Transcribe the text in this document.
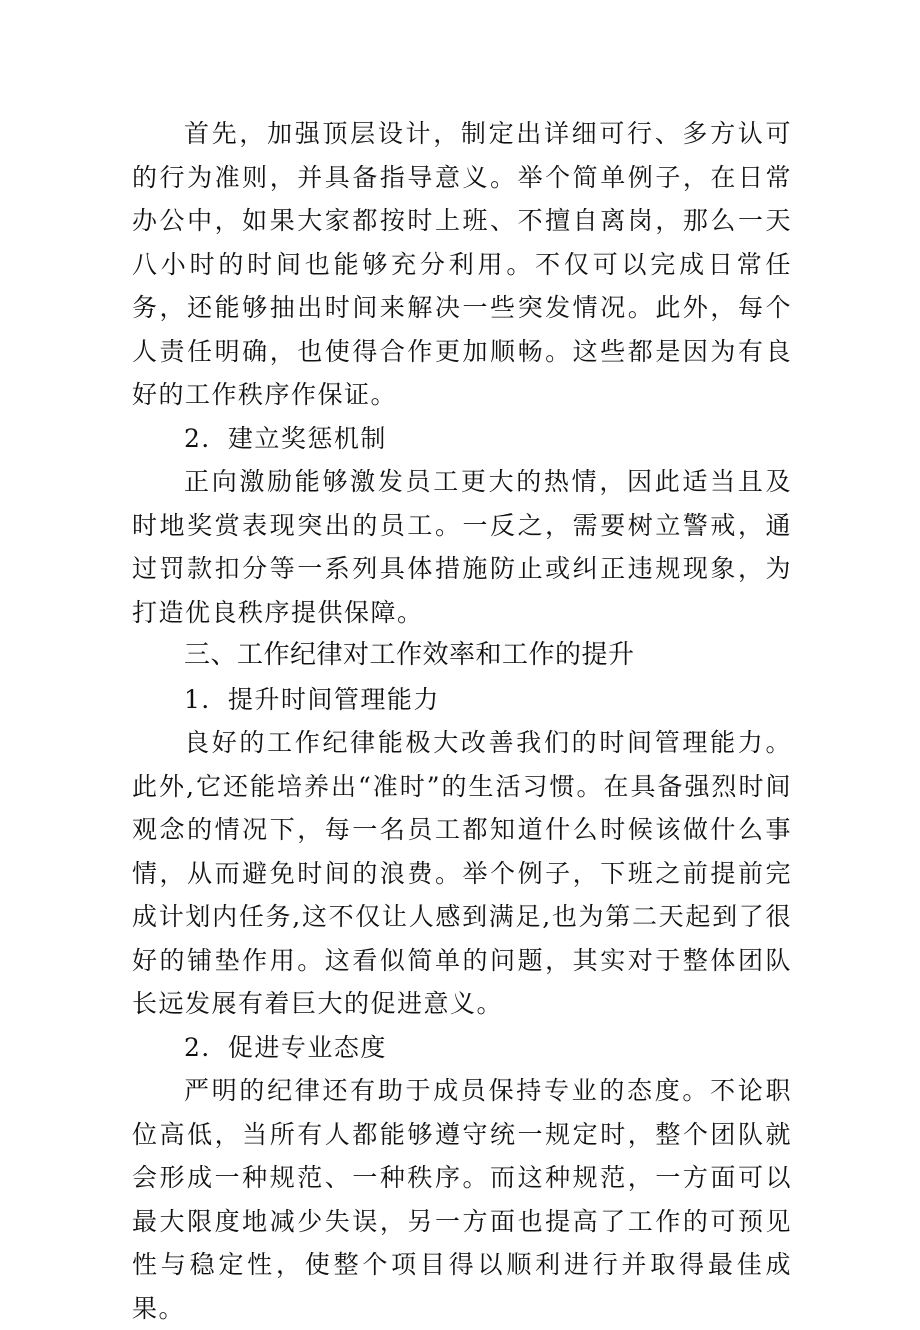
首先，加强顶层设计，制定出详细可行、多方认可的行为准则，并具备指导意义。举个简单例子，在日常办公中，如果大家都按时上班、不擅自离岗，那么一天八小时的时间也能够充分利用。不仅可以完成日常任务，还能够抽出时间来解决一些突发情况。此外，每个人责任明确，也使得合作更加顺畅。这些都是因为有良好的工作秩序作保证。

2．建立奖惩机制

正向激励能够激发员工更大的热情，因此适当且及时地奖赏表现突出的员工。一反之，需要树立警戒，通过罚款扣分等一系列具体措施防止或纠正违规现象，为打造优良秩序提供保障。

三、工作纪律对工作效率和工作的提升

1．提升时间管理能力

良好的工作纪律能极大改善我们的时间管理能力。此外,它还能培养出“准时”的生活习惯。在具备强烈时间观念的情况下，每一名员工都知道什么时候该做什么事情，从而避免时间的浪费。举个例子，下班之前提前完成计划内任务,这不仅让人感到满足,也为第二天起到了很好的铺垫作用。这看似简单的问题，其实对于整体团队长远发展有着巨大的促进意义。

2．促进专业态度

严明的纪律还有助于成员保持专业的态度。不论职位高低，当所有人都能够遵守统一规定时，整个团队就会形成一种规范、一种秩序。而这种规范，一方面可以最大限度地减少失误，另一方面也提高了工作的可预见性与稳定性，使整个项目得以顺利进行并取得最佳成果。
